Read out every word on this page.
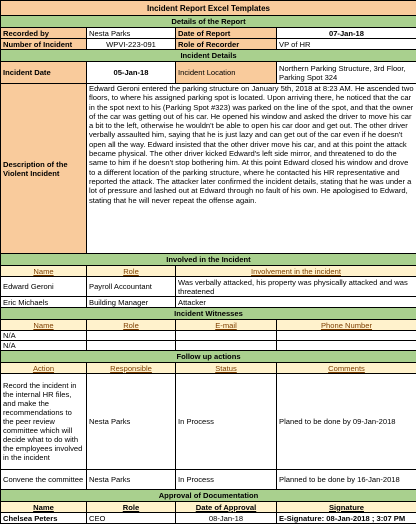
Incident Report Excel Templates			
Details of the Report			
Recorded by	Nesta Parks	Date of Report	07-Jan-18
Number of Incident	WPVI-223-091	Role of Recorder	VP of HR
Incident Details			
Incident Date	05-Jan-18	Incident Location	Northern Parking Structure, 3rd Floor, Parking Spot 324
Description of the Violent Incident	Edward Geroni entered the parking structure on January 5th, 2018 at 8:23 AM. He ascended two floors, to where his assigned parking spot is located. Upon arriving there, he noticed that the car in the spot next to his (Parking Spot #323) was parked on the line of the spot, and that the owner of the car was getting out of his car. He opened his window and asked the driver to move his car a bit to the left, otherwise he wouldn't be able to open his car door and get out. The other driver verbally assaulted him, saying that he is just lazy and can get out of the car even if he doesn't open all the way. Edward insisted that the other driver move his car, and at this point the attack became physical. The other driver kicked Edward's left side mirror, and threatened to do the same to him if he doesn't stop bothering him. At this point Edward closed his window and drove to a different location of the parking structure, where he contacted his HR representative and reported the attack. The attacker later confirmed the incident details, stating that he was under a lot of pressure and lashed out at Edward through no fault of his own. He apologised to Edward, stating that he will never repeat the offense again.		
Involved in the Incident			
Name	Role	Involvement in the incident	
Edward Geroni	Payroll Accountant	Was verbally attacked, his property was physically attacked and was threatened	
Eric Michaels	Building Manager	Attacker	
Incident Witnesses			
Name	Role	E-mail	Phone Number
N/A			
N/A			
Follow up actions			
Action	Responsible	Status	Comments
Record the incident in the internal HR files, and make the recommendations to the peer review committee which will decide what to do with the employees involved in the incident	Nesta Parks	In Process	Planed to be done by 09-Jan-2018
Convene the committee	Nesta Parks	In Process	Planned to be done by 16-Jan-2018
Approval of Documentation			
Name	Role	Date of Approval	Signature
Chelsea Peters	CEO	08-Jan-18	E-Signature: 08-Jan-2018 ; 3:07 PM
